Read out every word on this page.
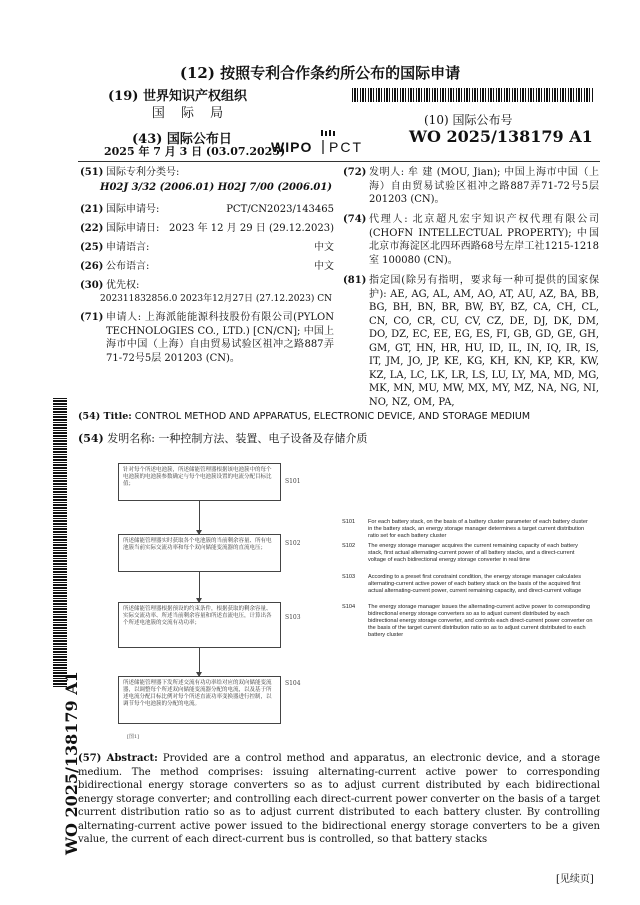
(12) 按照专利合作条约所公布的国际申请
(19) 世界知识产权组织
国 际 局
(43) 国际公布日
2025 年 7 月 3 日 (03.07.2025)
WIPO PCT
(10) 国际公布号
WO 2025/138179 A1
(51) 国际专利分类号:
H02J 3/32 (2006.01) H02J 7/00 (2006.01)
(21) 国际申请号:	PCT/CN2023/143465
(22) 国际申请日: 2023 年 12 月 29 日 (29.12.2023)
(25) 申请语言:	中文
(26) 公布语言:	中文
(30) 优先权:
202311832856.0 2023年12月27日 (27.12.2023) CN
(71) 申请人: 上海派能能源科技股份有限公司(PYLON TECHNOLOGIES CO., LTD.) [CN/CN]; 中国上海市中国（上海）自由贸易试验区祖冲之路887弄71-72号5层 201203 (CN)。
(72) 发明人: 牟 建 (MOU, Jian); 中国上海市中国（上海）自由贸易试验区祖冲之路887弄71-72号5层 201203 (CN)。
(74) 代理人: 北京超凡宏宇知识产权代理有限公司(CHOFN INTELLECTUAL PROPERTY); 中国北京市海淀区北四环西路68号左岸工社1215-1218室 100080 (CN)。
(81) 指定国(除另有指明，要求每一种可提供的国家保护): AE, AG, AL, AM, AO, AT, AU, AZ, BA, BB, BG, BH, BN, BR, BW, BY, BZ, CA, CH, CL, CN, CO, CR, CU, CV, CZ, DE, DJ, DK, DM, DO, DZ, EC, EE, EG, ES, FI, GB, GD, GE, GH, GM, GT, HN, HR, HU, ID, IL, IN, IQ, IR, IS, IT, JM, JO, JP, KE, KG, KH, KN, KP, KR, KW, KZ, LA, LC, LK, LR, LS, LU, LY, MA, MD, MG, MK, MN, MU, MW, MX, MY, MZ, NA, NG, NI, NO, NZ, OM, PA,
WO 2025/138179 A1
(54) Title: CONTROL METHOD AND APPARATUS, ELECTRONIC DEVICE, AND STORAGE MEDIUM
(54) 发明名称: 一种控制方法、装置、电子设备及存储介质
针对每个所述电池簇，所述储能管理器根据该电池簇中的每个电池簇的电池簇参数确定与每个电池簇设置的电流分配目标比值；	S101
所述储能管理器实时获取各个电池簇的当前剩余容量、所有电池簇当前实际交流功率和每个双向储能变流器的直流电压；
S102
所述储能管理器根据预设的约束条件，根据获取的剩余容量、实际交流功率、所述当前剩余容量和所述直流电压，计算出各个所述电池簇的交流有功功率；
S103
所述储能管理器下发所述交流有功功率给对应的双向储能变流器，以调整每个所述双向储能变流器分配的电流，以及基于所述电流分配目标比例对每个所述直流功率变换器进行控制，以调节每个电池簇的分配的电流。
S104
[图1]
S101 For each battery stack, on the basis of a battery cluster parameter of each battery cluster in the battery stack, an energy storage manager determines a target current distribution ratio set for each battery cluster
S102 The energy storage manager acquires the current remaining capacity of each battery stack, first actual alternating-current power of all battery stacks, and a direct-current voltage of each bidirectional energy storage converter in real time
S103 According to a preset first constraint condition, the energy storage manager calculates alternating-current active power of each battery stack on the basis of the acquired first actual alternating-current power, current remaining capacity, and direct-current voltage
S104 The energy storage manager issues the alternating-current active power to corresponding bidirectional energy storage converters so as to adjust current distributed by each bidirectional energy storage converter, and controls each direct-current power converter on the basis of the target current distribution ratio so as to adjust current distributed to each battery cluster
(57) Abstract: Provided are a control method and apparatus, an electronic device, and a storage medium. The method comprises: issuing alternating-current active power to corresponding bidirectional energy storage converters so as to adjust current distributed by each bidirectional energy storage converter; and controlling each direct-current power converter on the basis of a target current distribution ratio so as to adjust current distributed to each battery cluster. By controlling alternating-current active power issued to the bidirectional energy storage converters to be a given value, the current of each direct-current bus is controlled, so that battery stacks
[见续页]
